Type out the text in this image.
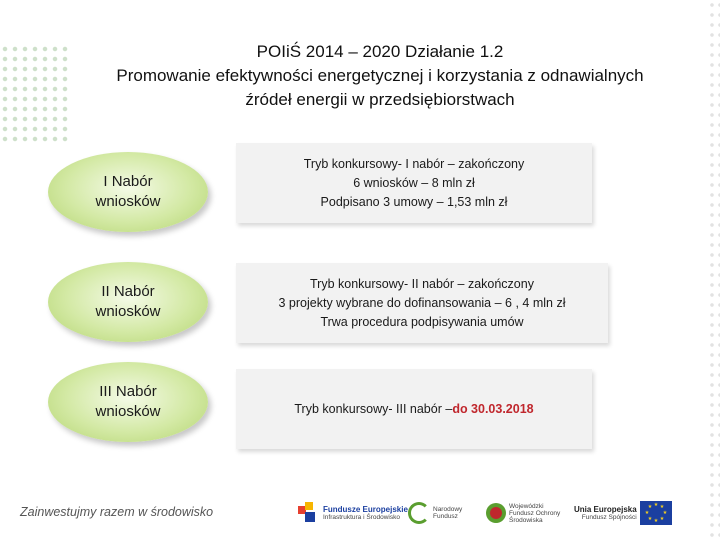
POIiŚ 2014 – 2020 Działanie 1.2
Promowanie efektywności energetycznej i korzystania z odnawialnych
źródeł energii w przedsiębiorstwach
I Nabór
wniosków
Tryb konkursowy- I nabór – zakończony
6 wniosków – 8 mln zł
Podpisano 3 umowy – 1,53 mln zł
II Nabór
wniosków
Tryb konkursowy- II nabór – zakończony
3 projekty wybrane do dofinansowania – 6 , 4 mln zł
Trwa procedura podpisywania umów
III Nabór
wniosków	Tryb konkursowy- III nabór –do 30.03.2018
Zainwestujmy razem w środowisko	Fundusze Europejskie
Infrastruktura i Środowisko
Narodowy Fundusz
Wojewódzki Fundusz Ochrony Środowiska
Unia Europejska
Fundusz Spójności
★ ★
★
★
★
★
★
★
